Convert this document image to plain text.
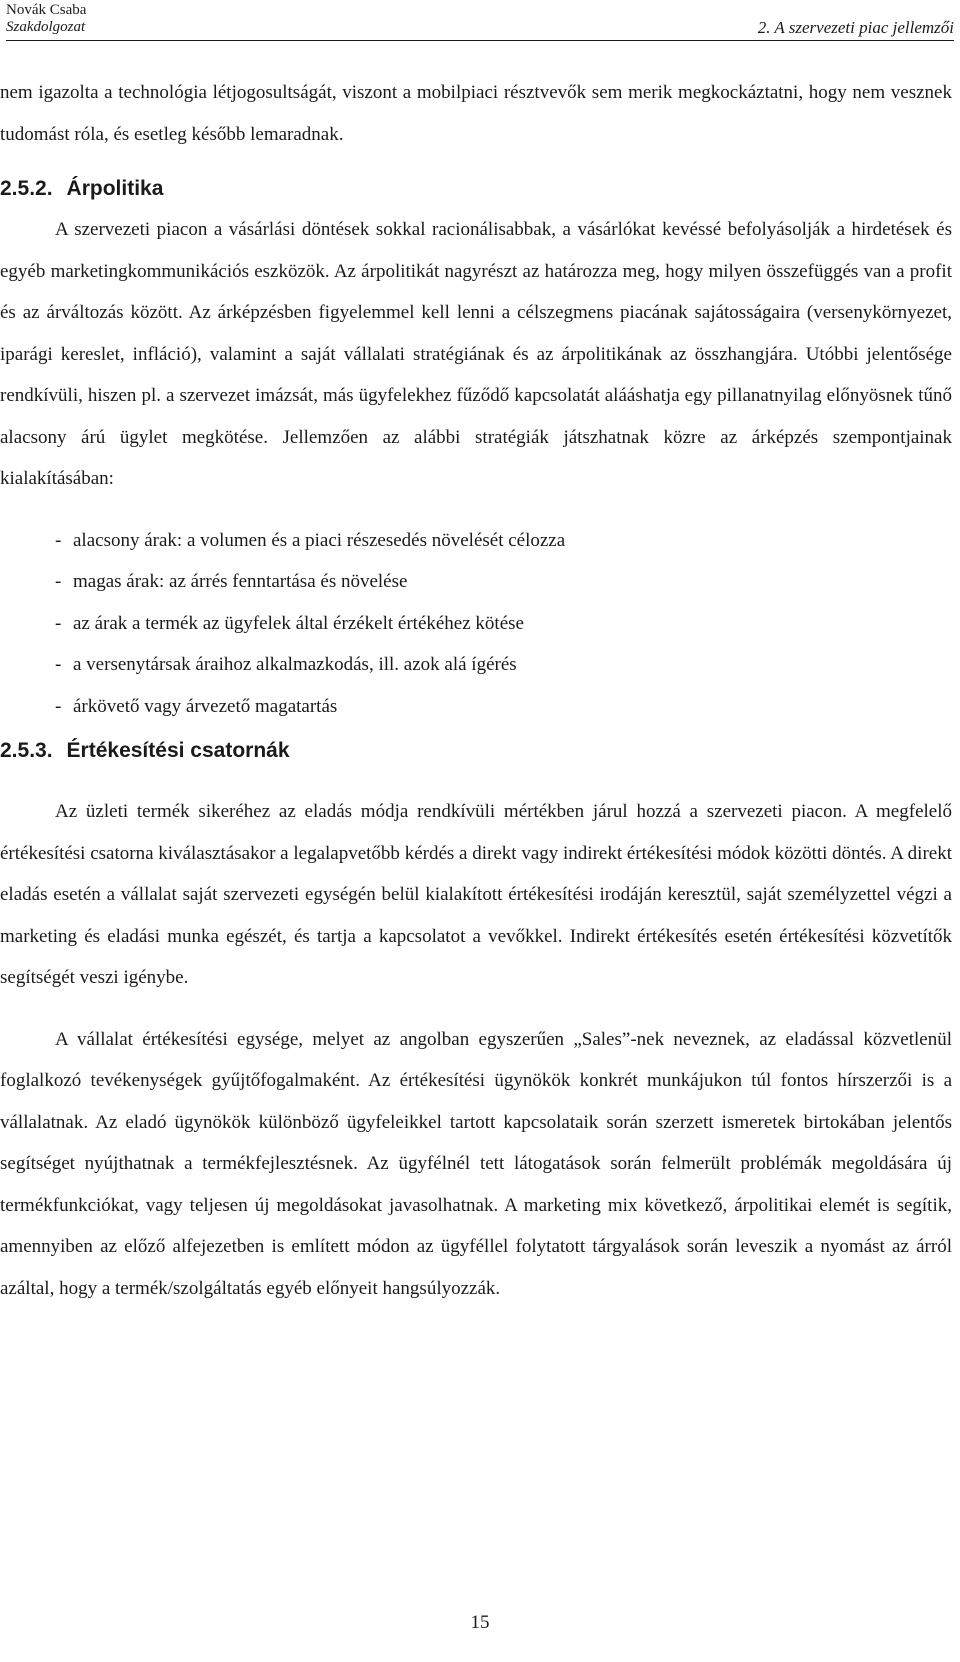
Novák Csaba
Szakdolgozat	2. A szervezeti piac jellemzői

nem igazolta a technológia létjogosultságát, viszont a mobilpiaci résztvevők sem merik megkockáztatni, hogy nem vesznek tudomást róla, és esetleg később lemaradnak.

2.5.2. Árpolitika

A szervezeti piacon a vásárlási döntések sokkal racionálisabbak, a vásárlókat kevéssé befolyásolják a hirdetések és egyéb marketingkommunikációs eszközök. Az árpolitikát nagyrészt az határozza meg, hogy milyen összefüggés van a profit és az árváltozás között. Az árképzésben figyelemmel kell lenni a célszegmens piacának sajátosságaira (versenykörnyezet, iparági kereslet, infláció), valamint a saját vállalati stratégiának és az árpolitikának az összhangjára. Utóbbi jelentősége rendkívüli, hiszen pl. a szervezet imázsát, más ügyfelekhez fűződő kapcsolatát alááshatja egy pillanatnyilag előnyösnek tűnő alacsony árú ügylet megkötése. Jellemzően az alábbi stratégiák játszhatnak közre az árképzés szempontjainak kialakításában:

- alacsony árak: a volumen és a piaci részesedés növelését célozza
- magas árak: az árrés fenntartása és növelése
- az árak a termék az ügyfelek által érzékelt értékéhez kötése
- a versenytársak áraihoz alkalmazkodás, ill. azok alá ígérés
- árkövető vagy árvezető magatartás
2.5.3. Értékesítési csatornák

Az üzleti termék sikeréhez az eladás módja rendkívüli mértékben járul hozzá a szervezeti piacon. A megfelelő értékesítési csatorna kiválasztásakor a legalapvetőbb kérdés a direkt vagy indirekt értékesítési módok közötti döntés. A direkt eladás esetén a vállalat saját szervezeti egységén belül kialakított értékesítési irodáján keresztül, saját személyzettel végzi a marketing és eladási munka egészét, és tartja a kapcsolatot a vevőkkel. Indirekt értékesítés esetén értékesítési közvetítők segítségét veszi igénybe.

A vállalat értékesítési egysége, melyet az angolban egyszerűen „Sales”-nek neveznek, az eladással közvetlenül foglalkozó tevékenységek gyűjtőfogalmaként. Az értékesítési ügynökök konkrét munkájukon túl fontos hírszerzői is a vállalatnak. Az eladó ügynökök különböző ügyfeleikkel tartott kapcsolataik során szerzett ismeretek birtokában jelentős segítséget nyújthatnak a termékfejlesztésnek. Az ügyfélnél tett látogatások során felmerült problémák megoldására új termékfunkciókat, vagy teljesen új megoldásokat javasolhatnak. A marketing mix következő, árpolitikai elemét is segítik, amennyiben az előző alfejezetben is említett módon az ügyféllel folytatott tárgyalások során leveszik a nyomást az árról azáltal, hogy a termék/szolgáltatás egyéb előnyeit hangsúlyozzák.

15
